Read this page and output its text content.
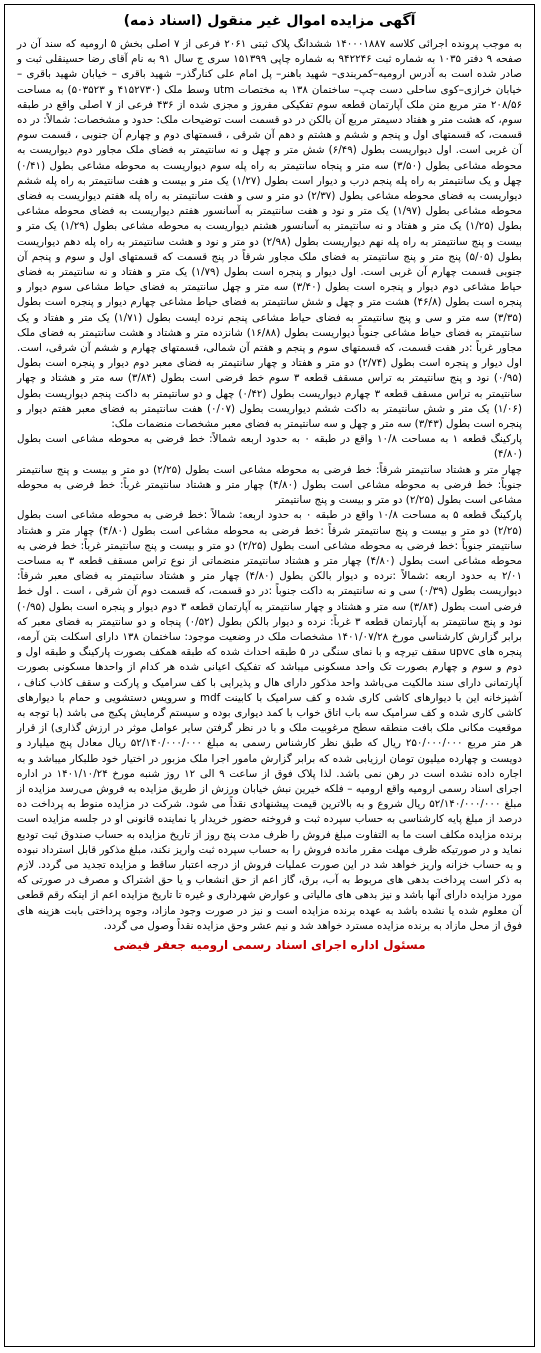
آگهی مزایده اموال غیر منقول (اسناد ذمه)
به موجب پرونده اجرائی کلاسه ۱۴۰۰۰۱۸۸۷ ششدانگ پلاک ثبتی ۲۰۶۱ فرعی از ۷ اصلی بخش ۵ ارومیه که سند آن در صفحه ۹ دفتر ۱۰۳۵ به شماره ثبت ۹۴۲۲۴۶ به شماره چاپی ۱۵۱۳۹۹ سری ج سال ۹۱ به نام آقای رضا حسینقلی ثبت و صادر شده است به آدرس ارومیه–کمربندی– شهید باهنر– پل امام علی کنارگذر– شهید باقری – خیابان شهید باقری – خیابان خرازی–کوی ساحلی دست چپ– ساختمان ۱۳۸ به مختصات utm وسط ملک (۴۱۵۲۷۳۰ و ۵۰۳۵۲۳) به مساحت ۲۰۸/۵۶ متر مربع متن ملک آپارتمان قطعه سوم تفکیکی مفروز و مجزی شده از ۴۳۶ فرعی از ۷ اصلی واقع در طبقه سوم، که هشت متر و هفتاد دسیمتر مربع آن بالکن در دو قسمت است توضیحات ملک: حدود و مشخصات: شمالاً: در ده قسمت، که قسمتهای اول و پنجم و ششم و هشتم و دهم آن شرقی ، قسمتهای دوم و چهارم آن جنوبی ، قسمت سوم آن غربی است. اول دیواریست بطول (۶/۴۹) شش متر و چهل و نه سانتیمتر به فضای ملک مجاور دوم دیواریست به محوطه مشاعی بطول (۳/۵۰) سه متر و پنجاه سانتیمتر به راه پله سوم دیواریست به محوطه مشاعی بطول (۰/۴۱) چهل و یک سانتیمتر به راه پله پنجم درب و دیوار است بطول (۱/۲۷) یک متر و بیست و هفت سانتیمتر به راه پله ششم دیواریست به فضای محوطه مشاعی بطول (۲/۳۷) دو متر و سی و هفت سانتیمتر به راه پله هفتم دیواریست به فضای محوطه مشاعی بطول (۱/۹۷) یک متر و نود و هفت سانتیمتر به آسانسور هفتم دیواریست به فضای محوطه مشاعی بطول (۱/۲۵) یک متر و هفتاد و نه سانتیمتر به آسانسور هشتم دیواریست به محوطه مشاعی بطول (۱/۲۹) یک متر و بیست و پنج سانتیمتر به راه پله نهم دیواریست بطول (۲/۹۸) دو متر و نود و هشت سانتیمتر به راه پله دهم دیواریست بطول (۵/۰۵) پنج متر و پنج سانتیمتر به فضای ملک مجاور شرقاً در پنج قسمت که قسمتهای اول و سوم و پنجم آن جنوبی قسمت چهارم آن غربی است. اول دیوار و پنجره است بطول (۱/۷۹) یک متر و هفتاد و نه سانتیمتر به فضای حیاط مشاعی دوم دیوار و پنجره است بطول (۳/۴۰) سه متر و چهل سانتیمتر به فضای حیاط مشاعی سوم دیوار و پنجره است بطول (۴۶/۸) هشت متر و چهل و شش سانتیمتر به فضای حیاط مشاعی چهارم دیوار و پنجره است بطول (۳/۳۵) سه متر و سی و پنج سانتیمتر به فضای حیاط مشاعی پنجم نرده ایست بطول (۱/۷۱) یک متر و هفتاد و یک سانتیمتر به فضای حیاط مشاعی جنوباً دیواریست بطول (۱۶/۸۸) شانزده متر و هشتاد و هشت سانتیمتر به فضای ملک مجاور غرباً :در هفت قسمت، که قسمتهای سوم و پنجم و هفتم آن شمالی، قسمتهای چهارم و ششم آن شرقی، است. اول دیوار و پنجره است بطول (۲/۷۴) دو متر و هفتاد و چهار سانتیمتر به فضای معبر دوم دیوار و پنجره است بطول (۰/۹۵) نود و پنج سانتیمتر به تراس مسقف قطعه ۳ سوم خط فرضی است بطول (۳/۸۴) سه متر و هشتاد و چهار سانتیمتر به تراس مسقف قطعه ۳ چهارم دیواریست بطول (۰/۴۲) چهل و دو سانتیمتر به داکت پنجم دیواریست بطول (۱/۰۶) یک متر و شش سانتیمتر به داکت ششم دیواریست بطول (۰/۰۷) هفت سانتیمتر به فضای معبر هفتم دیوار و پنجره است بطول (۳/۴۳) سه متر و چهل و سه سانتیمتر به فضای معبر مشخصات منضمات ملک:
پارکینگ قطعه ۱ به مساحت ۱۰/۸ واقع در طبقه ۰ به حدود اربعه شمالاً: خط فرضی به محوطه مشاعی است بطول (۴/۸۰)
چهار متر و هشتاد سانتیمتر شرقاً: خط فرضی به محوطه مشاعی است بطول (۲/۲۵) دو متر و بیست و پنج سانتیمتر جنوباً: خط فرضی به محوطه مشاعی است بطول (۴/۸۰) چهار متر و هشتاد سانتیمتر غرباً: خط فرضی به محوطه مشاعی است بطول (۲/۲۵) دو متر و بیست و پنج سانتیمتر
پارکینگ قطعه ۵ به مساحت ۱۰/۸ واقع در طبقه ۰ به حدود اربعه: شمالاً :خط فرضی به محوطه مشاعی است بطول (۲/۲۵) دو متر و بیست و پنج سانتیمتر شرقاً :خط فرضی به محوطه مشاعی است بطول (۴/۸۰) چهار متر و هشتاد سانتیمتر جنوباً :خط فرضی به محوطه مشاعی است بطول (۲/۲۵) دو متر و بیست و پنج سانتیمتر غرباً: خط فرضی به محوطه مشاعی است بطول (۴/۸۰) چهار متر و هشتاد سانتیمتر منضماتی از نوع تراس مسقف قطعه ۳ به مساحت ۲/۰۱ به حدود اربعه :شمالاً :نرده و دیوار بالکن بطول (۴/۸۰) چهار متر و هشتاد سانتیمتر به فضای معبر شرقاً: دیواریست بطول (۰/۳۹) سی و نه سانتیمتر به داکت جنوباً :در دو قسمت، که قسمت دوم آن شرقی ، است . اول خط فرضی است بطول (۳/۸۴) سه متر و هشتاد و چهار سانتیمتر به آپارتمان قطعه ۳ دوم دیوار و پنجره است بطول (۰/۹۵) نود و پنج سانتیمتر به آپارتمان قطعه ۳ غرباً: نرده و دیوار بالکن بطول (۰/۵۲) پنجاه و دو سانتیمتر به فضای معبر که برابر گزارش کارشناسی مورخ ۱۴۰۱/۰۷/۲۸ مشخصات ملک در وضعیت موجود: ساختمان ۱۳۸ دارای اسکلت بتن آرمه، پنجره های upvc سقف تیرچه و با نمای سنگی در ۵ طبقه احداث شده که طبقه همکف بصورت پارکینگ و طبقه اول و دوم و سوم و چهارم بصورت تک واحد مسکونی میباشد که تفکیک اعیانی شده هر کدام از واحدها مسکونی بصورت آپارتمانی دارای سند مالکیت می‌باشد واحد مذکور دارای هال و پذیرایی با کف سرامیک و پارکت و سقف کاذب کناف ، آشپزخانه این با دیوارهای کاشی کاری شده و کف سرامیک با کابینت mdf و سرویس دستشویی و حمام با دیوارهای کاشی کاری شده و کف سرامیک سه باب اتاق خواب با کمد دیواری بوده و سیستم گرمایش پکیج می باشد (با توجه به موقعیت مکانی ملک بافت منطقه سطح مرغوبیت ملک و با در نظر گرفتن سایر عوامل موثر در ارزش گذاری) از قرار هر متر مربع ۲۵۰/۰۰۰/۰۰۰ ریال که طبق نظر کارشناس رسمی به مبلغ ۵۲/۱۴۰/۰۰۰/۰۰۰ ریال معادل پنج میلیارد و دویست و چهارده میلیون تومان ارزیابی شده که برابر گزارش مامور اجرا ملک مزبور در اختیار خود طلبکار میباشد و به اجاره داده نشده است در رهن نمی باشد. لذا پلاک فوق از ساعت ۹ الی ۱۲ روز شنبه مورخ ۱۴۰۱/۱۰/۲۴ در اداره اجرای اسناد رسمی ارومیه واقع ارومیه – فلکه خیرین نبش خیابان ورزش از طریق مزایده به فروش می‌رسد مزایده از مبلغ ۵۲/۱۴۰/۰۰۰/۰۰۰ ریال شروع و به بالاترین قیمت پیشنهادی نقداً می شود. شرکت در مزایده منوط به پرداخت ده درصد از مبلغ پایه کارشناسی به حساب سپرده ثبت و فروخته حضور خریدار یا نماینده قانونی او در جلسه مزایده است برنده مزایده مکلف است ما به التفاوت مبلغ فروش را ظرف مدت پنج روز از تاریخ مزایده به حساب صندوق ثبت تودیع نماید و در صورتیکه ظرف مهلت مقرر مانده فروش را به حساب سپرده ثبت واریز نکند، مبلغ مذکور قابل استرداد نبوده و به حساب خزانه واریز خواهد شد در این صورت عملیات فروش از درجه اعتبار ساقط و مزایده تجدید می گردد. لازم به ذکر است پرداخت بدهی های مربوط به آب، برق، گاز اعم از حق انشعاب و یا حق اشتراک و مصرف در صورتی که مورد مزایده دارای آنها باشد و نیز بدهی های مالیاتی و عوارض شهرداری و غیره تا تاریخ مزایده اعم از اینکه رقم قطعی آن معلوم شده یا نشده باشد به عهده برنده مزایده است و نیز در صورت وجود مازاد، وجوه پرداختی بابت هزینه های فوق از محل مازاد به برنده مزایده مسترد خواهد شد و نیم عشر وحق مزایده نقداً وصول می گردد.
مسئول اداره اجرای اسناد رسمی ارومیه جعفر فیضی
